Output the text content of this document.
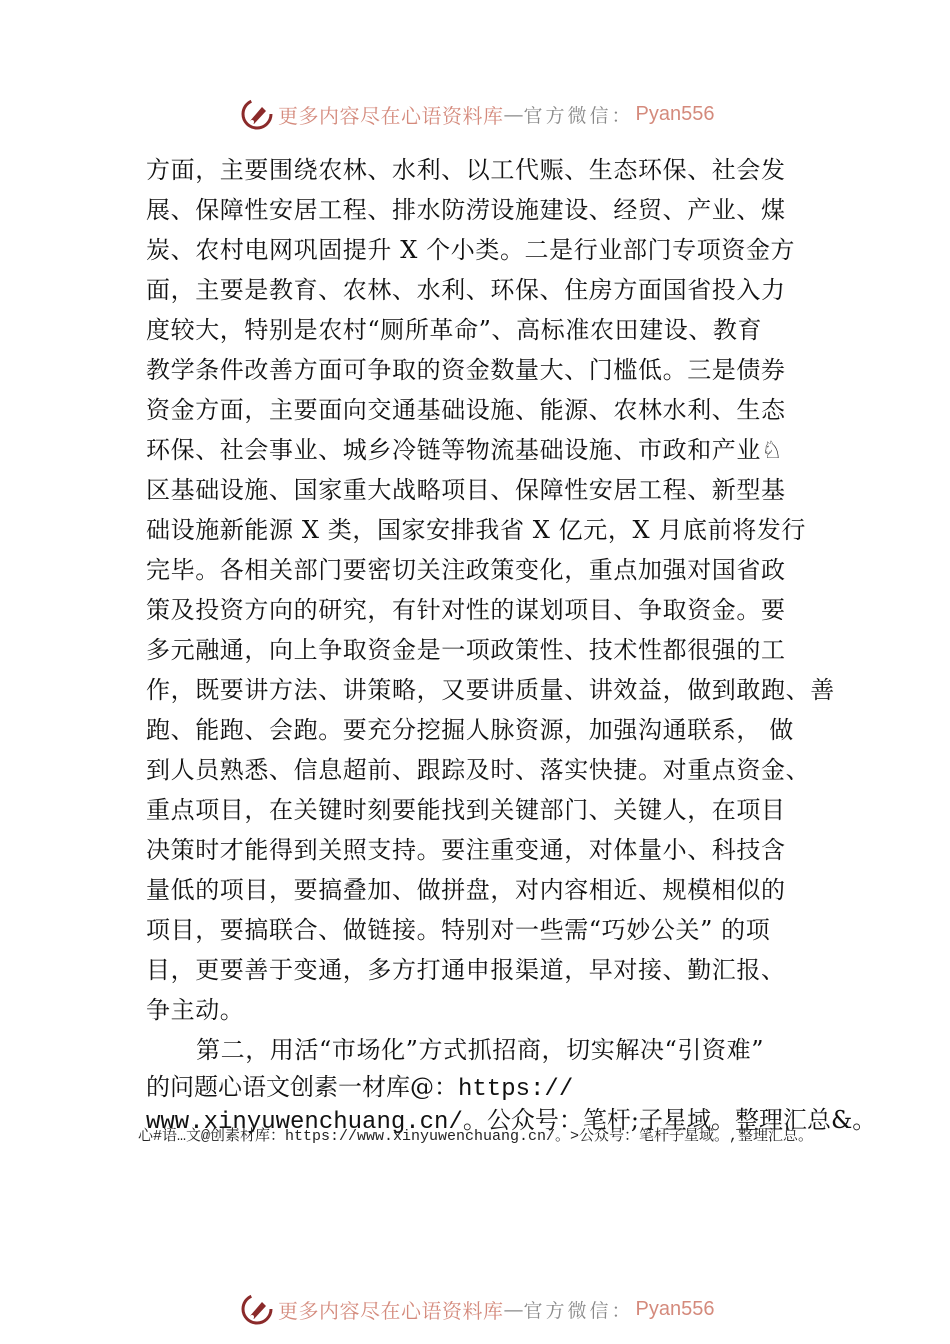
更多内容尽在心语资料库 — 官方微信： Pyan556
方面，主要围绕农林、水利、以工代赈、生态环保、社会发
展、保障性安居工程、排水防涝设施建设、经贸、产业、煤
炭、农村电网巩固提升 X 个小类。二是行业部门专项资金方
面，主要是教育、农林、水利、环保、住房方面国省投入力
度较大，特别是农村“厕所革命”、高标准农田建设、教育
教学条件改善方面可争取的资金数量大、门槛低。三是债券
资金方面，主要面向交通基础设施、能源、农林水利、生态
环保、社会事业、城乡冷链等物流基础设施、市政和产业♘
区基础设施、国家重大战略项目、保障性安居工程、新型基
础设施新能源 X 类，国家安排我省 X 亿元，X 月底前将发行
完毕。各相关部门要密切关注政策变化，重点加强对国省政
策及投资方向的研究，有针对性的谋划项目、争取资金。要
多元融通，向上争取资金是一项政策性、技术性都很强的工
作，既要讲方法、讲策略，又要讲质量、讲效益，做到敢跑、善
跑、能跑、会跑。要充分挖掘人脉资源，加强沟通联系， 做
到人员熟悉、信息超前、跟踪及时、落实快捷。对重点资金、
重点项目，在关键时刻要能找到关键部门、关键人，在项目
决策时才能得到关照支持。要注重变通，对体量小、科技含
量低的项目，要搞叠加、做拼盘，对内容相近、规模相似的
项目，要搞联合、做链接。特别对一些需“巧妙公关” 的项
目，更要善于变通，多方打通申报渠道，早对接、勤汇报、
争主动。
第二，用活“市场化”方式抓招商，切实解决“引资难”
的问题心语文创素一材库@：https://
www.xinyuwenchuang.cn/。公众号：笔杆;子星域。整理汇总&。
心#语…文@创素材库：https://www.xinyuwenchuang.cn/。>公众号：笔杆子星域。,整理汇总。
更多内容尽在心语资料库 — 官方微信： Pyan556
